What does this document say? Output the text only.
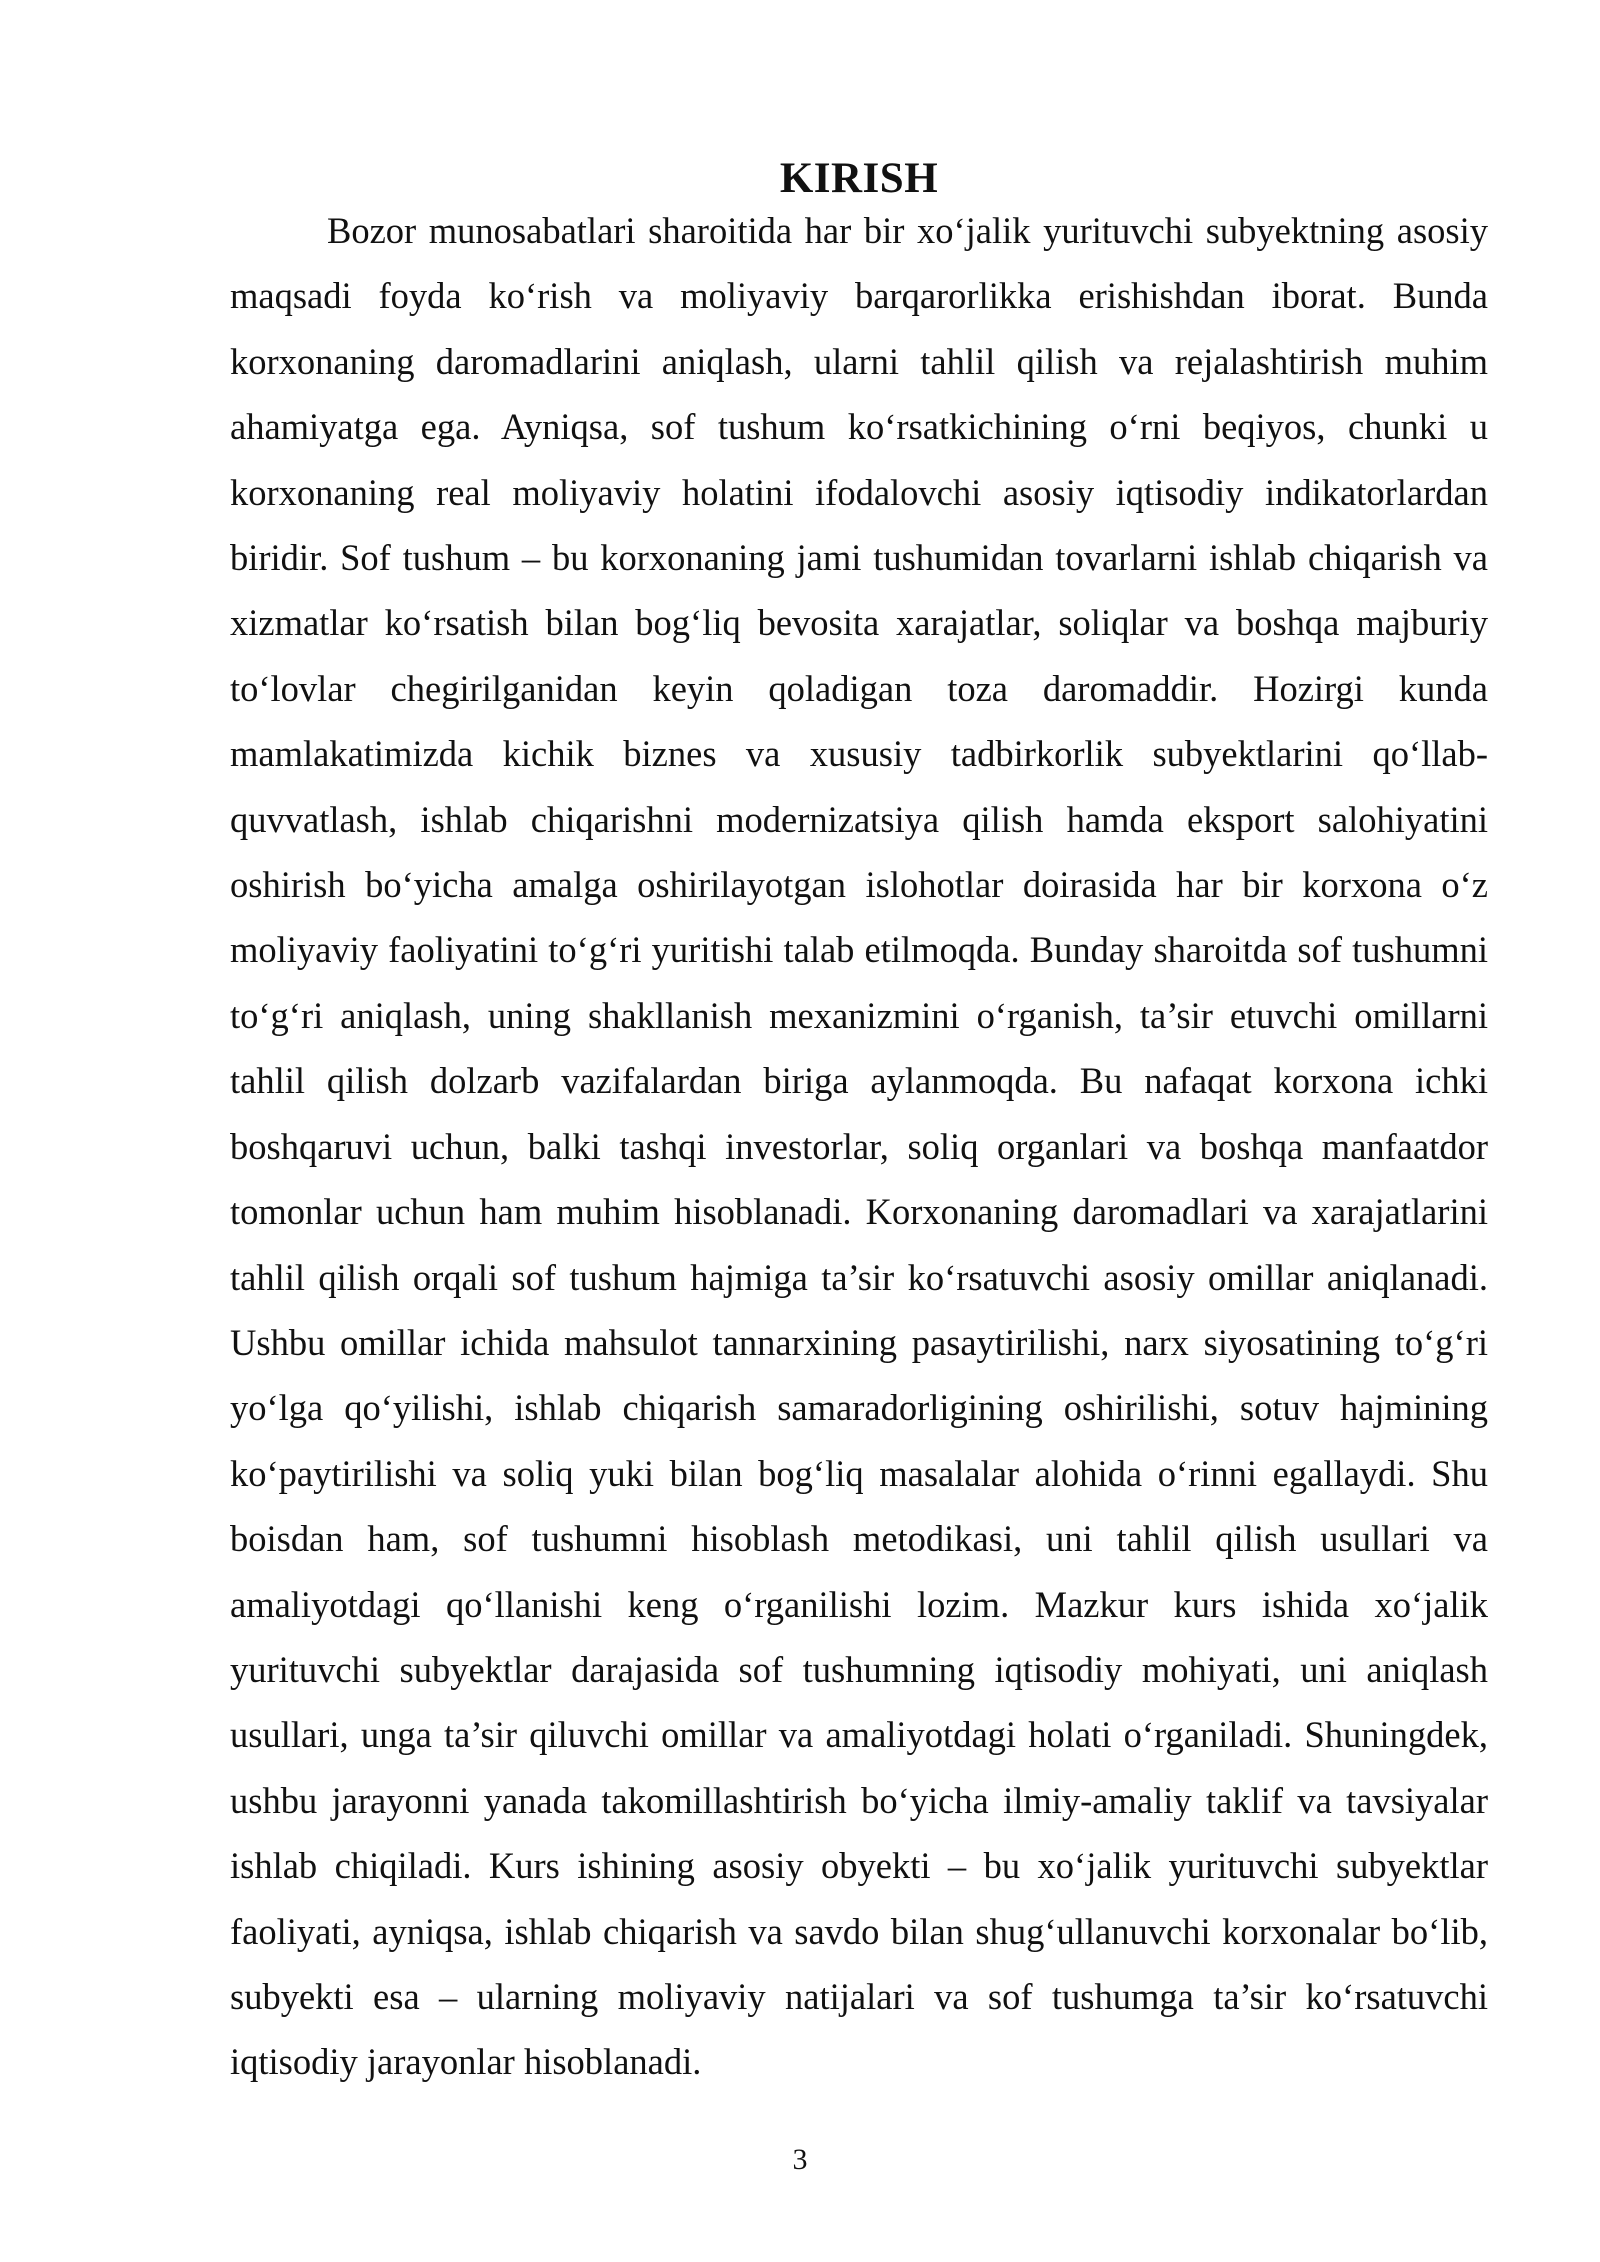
KIRISH

Bozor munosabatlari sharoitida har bir xo‘jalik yurituvchi subyektning asosiy maqsadi foyda ko‘rish va moliyaviy barqarorlikka erishishdan iborat. Bunda korxonaning daromadlarini aniqlash, ularni tahlil qilish va rejalashtirish muhim ahamiyatga ega. Ayniqsa, sof tushum ko‘rsatkichining o‘rni beqiyos, chunki u korxonaning real moliyaviy holatini ifodalovchi asosiy iqtisodiy indikatorlardan biridir. Sof tushum – bu korxonaning jami tushumidan tovarlarni ishlab chiqarish va xizmatlar ko‘rsatish bilan bog‘liq bevosita xarajatlar, soliqlar va boshqa majburiy to‘lovlar chegirilganidan keyin qoladigan toza daromaddir. Hozirgi kunda mamlakatimizda kichik biznes va xususiy tadbirkorlik subyektlarini qo‘llab-quvvatlash, ishlab chiqarishni modernizatsiya qilish hamda eksport salohiyatini oshirish bo‘yicha amalga oshirilayotgan islohotlar doirasida har bir korxona o‘z moliyaviy faoliyatini to‘g‘ri yuritishi talab etilmoqda. Bunday sharoitda sof tushumni to‘g‘ri aniqlash, uning shakllanish mexanizmini o‘rganish, ta’sir etuvchi omillarni tahlil qilish dolzarb vazifalardan biriga aylanmoqda. Bu nafaqat korxona ichki boshqaruvi uchun, balki tashqi investorlar, soliq organlari va boshqa manfaatdor tomonlar uchun ham muhim hisoblanadi. Korxonaning daromadlari va xarajatlarini tahlil qilish orqali sof tushum hajmiga ta’sir ko‘rsatuvchi asosiy omillar aniqlanadi. Ushbu omillar ichida mahsulot tannarxining pasaytirilishi, narx siyosatining to‘g‘ri yo‘lga qo‘yilishi, ishlab chiqarish samaradorligining oshirilishi, sotuv hajmining ko‘paytirilishi va soliq yuki bilan bog‘liq masalalar alohida o‘rinni egallaydi. Shu boisdan ham, sof tushumni hisoblash metodikasi, uni tahlil qilish usullari va amaliyotdagi qo‘llanishi keng o‘rganilishi lozim. Mazkur kurs ishida xo‘jalik yurituvchi subyektlar darajasida sof tushumning iqtisodiy mohiyati, uni aniqlash usullari, unga ta’sir qiluvchi omillar va amaliyotdagi holati o‘rganiladi. Shuningdek, ushbu jarayonni yanada takomillashtirish bo‘yicha ilmiy-amaliy taklif va tavsiyalar ishlab chiqiladi. Kurs ishining asosiy obyekti – bu xo‘jalik yurituvchi subyektlar faoliyati, ayniqsa, ishlab chiqarish va savdo bilan shug‘ullanuvchi korxonalar bo‘lib, subyekti esa – ularning moliyaviy natijalari va sof tushumga ta’sir ko‘rsatuvchi iqtisodiy jarayonlar hisoblanadi.

3
